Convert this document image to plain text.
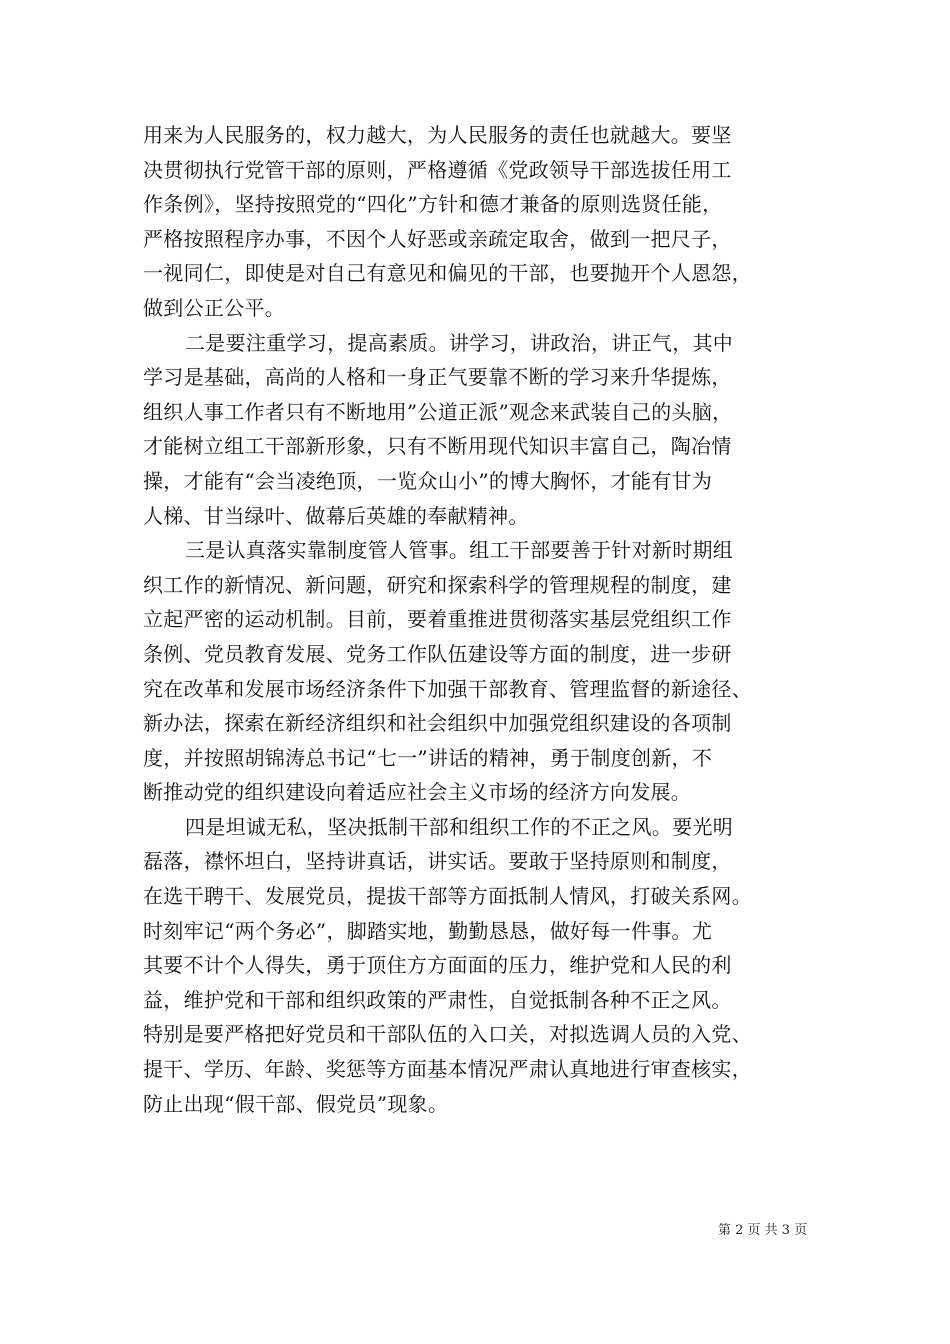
用来为人民服务的，权力越大，为人民服务的责任也就越大。要坚
决贯彻执行党管干部的原则，严格遵循《党政领导干部选拔任用工
作条例》，坚持按照党的“四化”方针和德才兼备的原则选贤任能，
严格按照程序办事，不因个人好恶或亲疏定取舍，做到一把尺子，
一视同仁，即使是对自己有意见和偏见的干部，也要抛开个人恩怨，
做到公正公平。

二是要注重学习，提高素质。讲学习，讲政治，讲正气，其中
学习是基础，高尚的人格和一身正气要靠不断的学习来升华提炼，
组织人事工作者只有不断地用”公道正派”观念来武装自己的头脑，
才能树立组工干部新形象，只有不断用现代知识丰富自己，陶冶情
操，才能有“会当凌绝顶，一览众山小”的博大胸怀，才能有甘为
人梯、甘当绿叶、做幕后英雄的奉献精神。

三是认真落实靠制度管人管事。组工干部要善于针对新时期组
织工作的新情况、新问题，研究和探索科学的管理规程的制度，建
立起严密的运动机制。目前，要着重推进贯彻落实基层党组织工作
条例、党员教育发展、党务工作队伍建设等方面的制度，进一步研
究在改革和发展市场经济条件下加强干部教育、管理监督的新途径、
新办法，探索在新经济组织和社会组织中加强党组织建设的各项制
度，并按照胡锦涛总书记“七一”讲话的精神，勇于制度创新，不
断推动党的组织建设向着适应社会主义市场的经济方向发展。

四是坦诚无私，坚决抵制干部和组织工作的不正之风。要光明
磊落，襟怀坦白，坚持讲真话，讲实话。要敢于坚持原则和制度，
在选干聘干、发展党员，提拔干部等方面抵制人情风，打破关系网。
时刻牢记“两个务必”，脚踏实地，勤勤恳恳，做好每一件事。尤
其要不计个人得失，勇于顶住方方面面的压力，维护党和人民的利
益，维护党和干部和组织政策的严肃性，自觉抵制各种不正之风。
特别是要严格把好党员和干部队伍的入口关，对拟选调人员的入党、
提干、学历、年龄、奖惩等方面基本情况严肃认真地进行审查核实，
防止出现“假干部、假党员”现象。

第 2 页 共 3 页
